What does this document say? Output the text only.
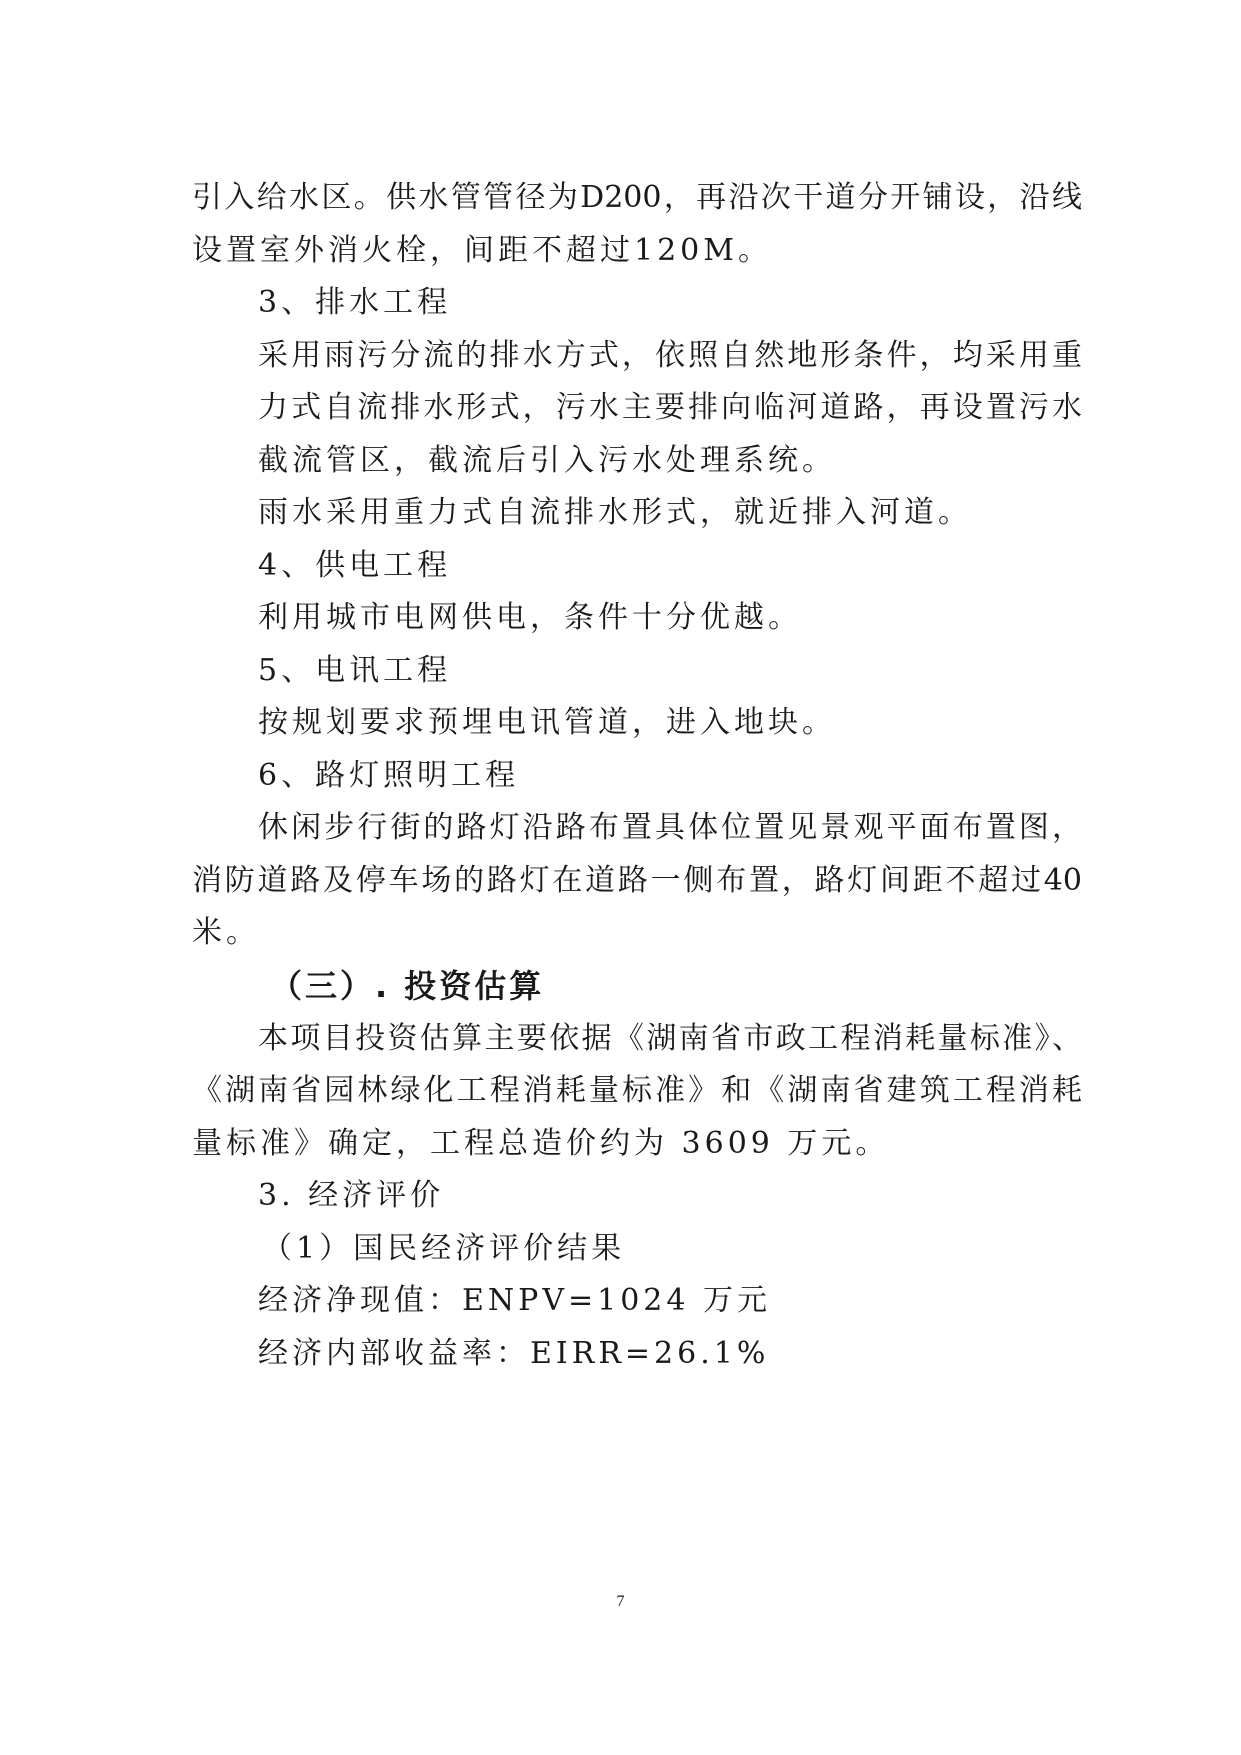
引入给水区。供水管管径为D200，再沿次干道分开铺设，沿线
设置室外消火栓，间距不超过120M。
3、排水工程
采用雨污分流的排水方式，依照自然地形条件，均采用重
力式自流排水形式，污水主要排向临河道路，再设置污水
截流管区，截流后引入污水处理系统。
雨水采用重力式自流排水形式，就近排入河道。
4、供电工程
利用城市电网供电，条件十分优越。
5、电讯工程
按规划要求预埋电讯管道，进入地块。
6、路灯照明工程
休闲步行街的路灯沿路布置具体位置见景观平面布置图，
消防道路及停车场的路灯在道路一侧布置，路灯间距不超过40
米。
（三）. 投资估算
本项目投资估算主要依据《湖南省市政工程消耗量标准》、
《湖南省园林绿化工程消耗量标准》和《湖南省建筑工程消耗
量标准》确定，工程总造价约为 3609 万元。
3. 经济评价
（1）国民经济评价结果
经济净现值：ENPV=1024 万元
经济内部收益率：EIRR=26.1%
7
